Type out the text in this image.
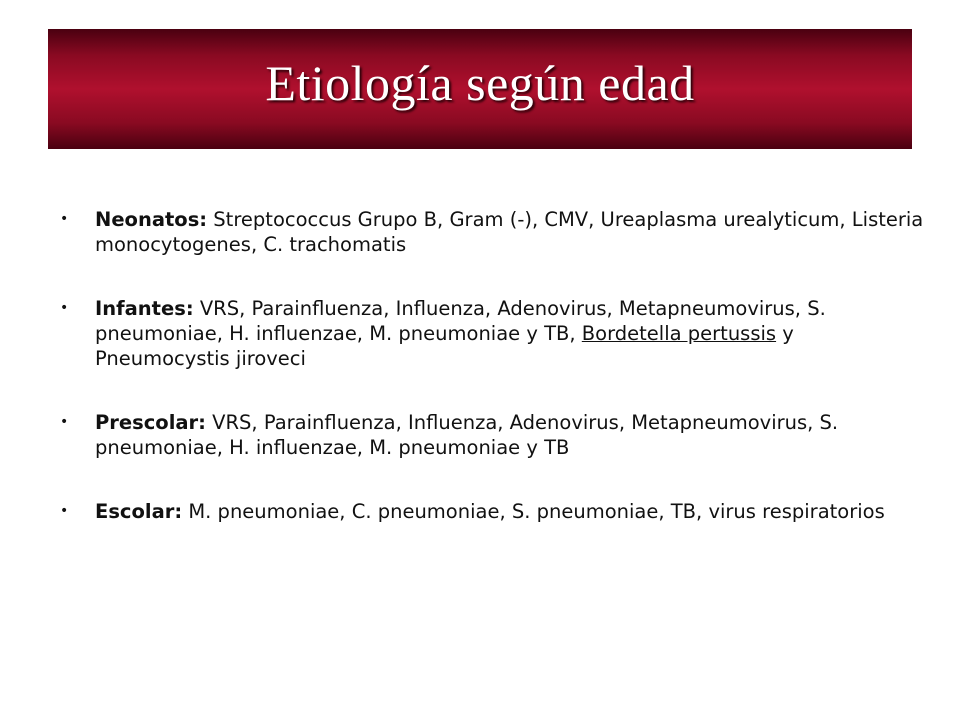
Etiología según edad
• Neonatos: Streptococcus Grupo B, Gram (-), CMV, Ureaplasma urealyticum, Listeria monocytogenes, C. trachomatis
• Infantes: VRS, Parainfluenza, Influenza, Adenovirus, Metapneumovirus, S. pneumoniae, H. influenzae, M. pneumoniae y TB, Bordetella pertussis y Pneumocystis jiroveci
• Prescolar: VRS, Parainfluenza, Influenza, Adenovirus, Metapneumovirus, S. pneumoniae, H. influenzae, M. pneumoniae y TB
• Escolar: M. pneumoniae, C. pneumoniae, S. pneumoniae, TB, virus respiratorios
